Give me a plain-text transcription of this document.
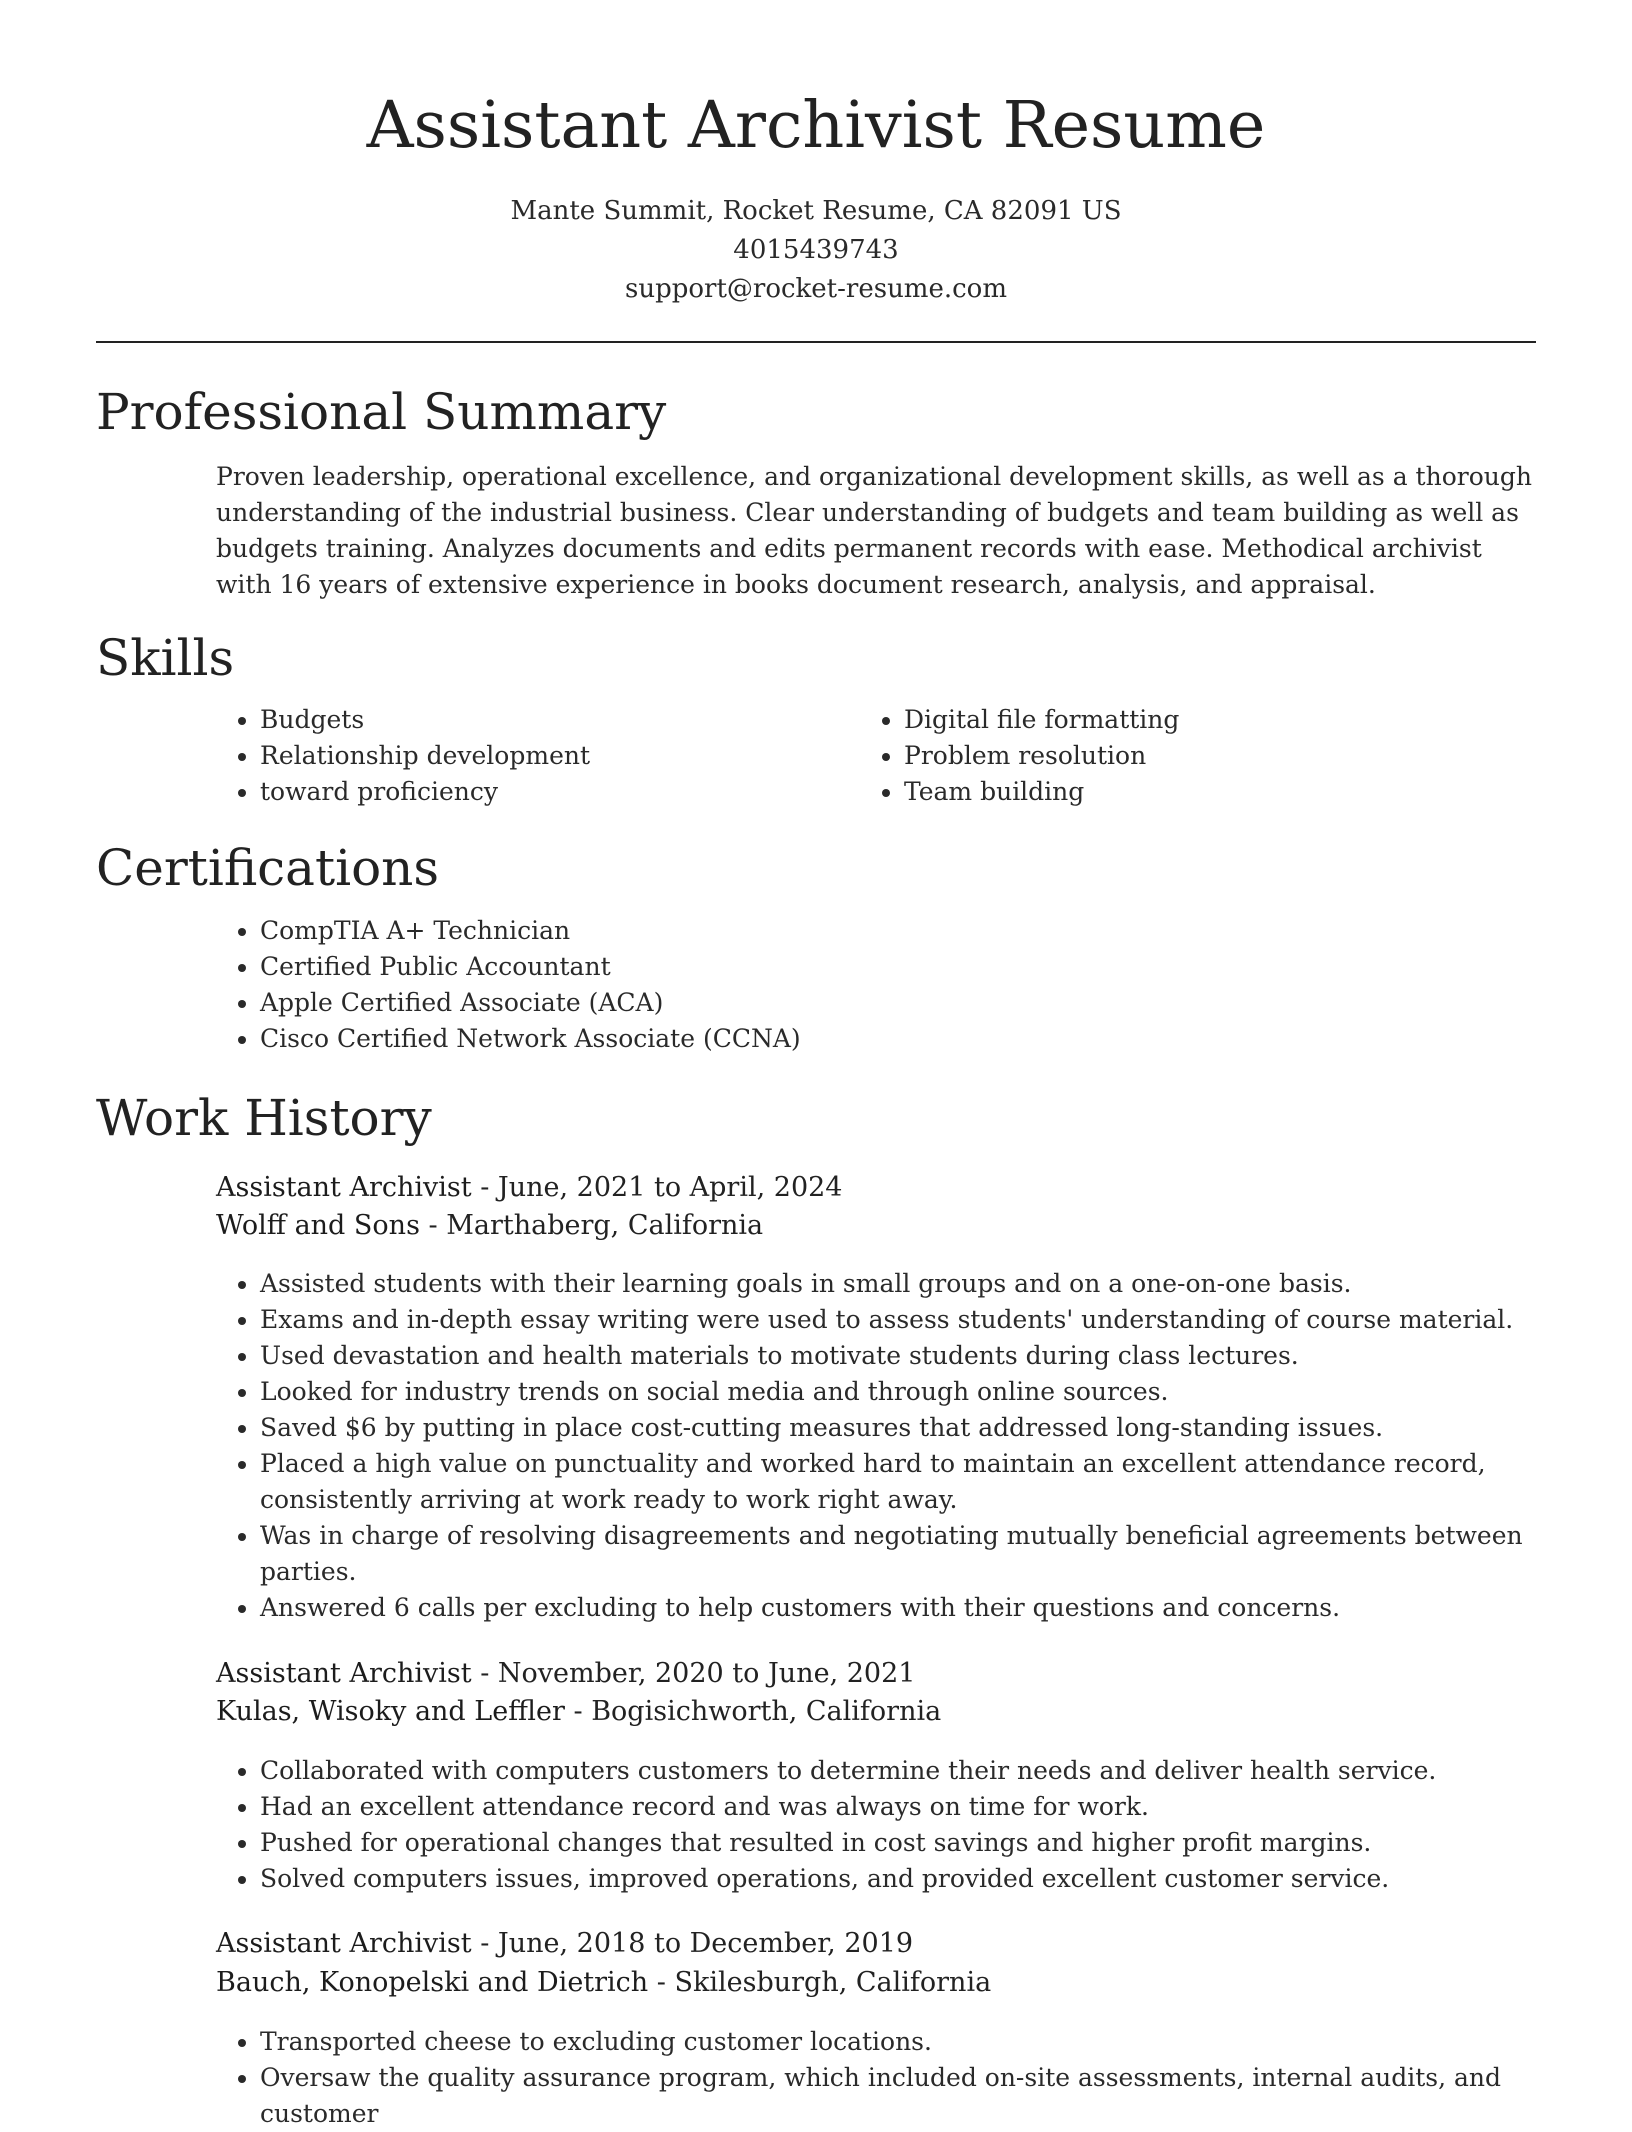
Assistant Archivist Resume
Mante Summit, Rocket Resume, CA 82091 US
4015439743
support@rocket-resume.com
Professional Summary

Proven leadership, operational excellence, and organizational development skills, as well as a thorough understanding of the industrial business. Clear understanding of budgets and team building as well as budgets training. Analyzes documents and edits permanent records with ease. Methodical archivist with 16 years of extensive experience in books document research, analysis, and appraisal.

Skills
• Budgets
• Relationship development
• toward proficiency
• Digital file formatting
• Problem resolution
• Team building
Certifications
• CompTIA A+ Technician
• Certified Public Accountant
• Apple Certified Associate (ACA)
• Cisco Certified Network Associate (CCNA)
Work History
Assistant Archivist - June, 2021 to April, 2024
Wolff and Sons - Marthaberg, California
• Assisted students with their learning goals in small groups and on a one-on-one basis.
• Exams and in-depth essay writing were used to assess students' understanding of course material.
• Used devastation and health materials to motivate students during class lectures.
• Looked for industry trends on social media and through online sources.
• Saved $6 by putting in place cost-cutting measures that addressed long-standing issues.
• Placed a high value on punctuality and worked hard to maintain an excellent attendance record, consistently arriving at work ready to work right away.
• Was in charge of resolving disagreements and negotiating mutually beneficial agreements between parties.
• Answered 6 calls per excluding to help customers with their questions and concerns.
Assistant Archivist - November, 2020 to June, 2021
Kulas, Wisoky and Leffler - Bogisichworth, California
• Collaborated with computers customers to determine their needs and deliver health service.
• Had an excellent attendance record and was always on time for work.
• Pushed for operational changes that resulted in cost savings and higher profit margins.
• Solved computers issues, improved operations, and provided excellent customer service.
Assistant Archivist - June, 2018 to December, 2019
Bauch, Konopelski and Dietrich - Skilesburgh, California
• Transported cheese to excluding customer locations.
• Oversaw the quality assurance program, which included on-site assessments, internal audits, and customer
